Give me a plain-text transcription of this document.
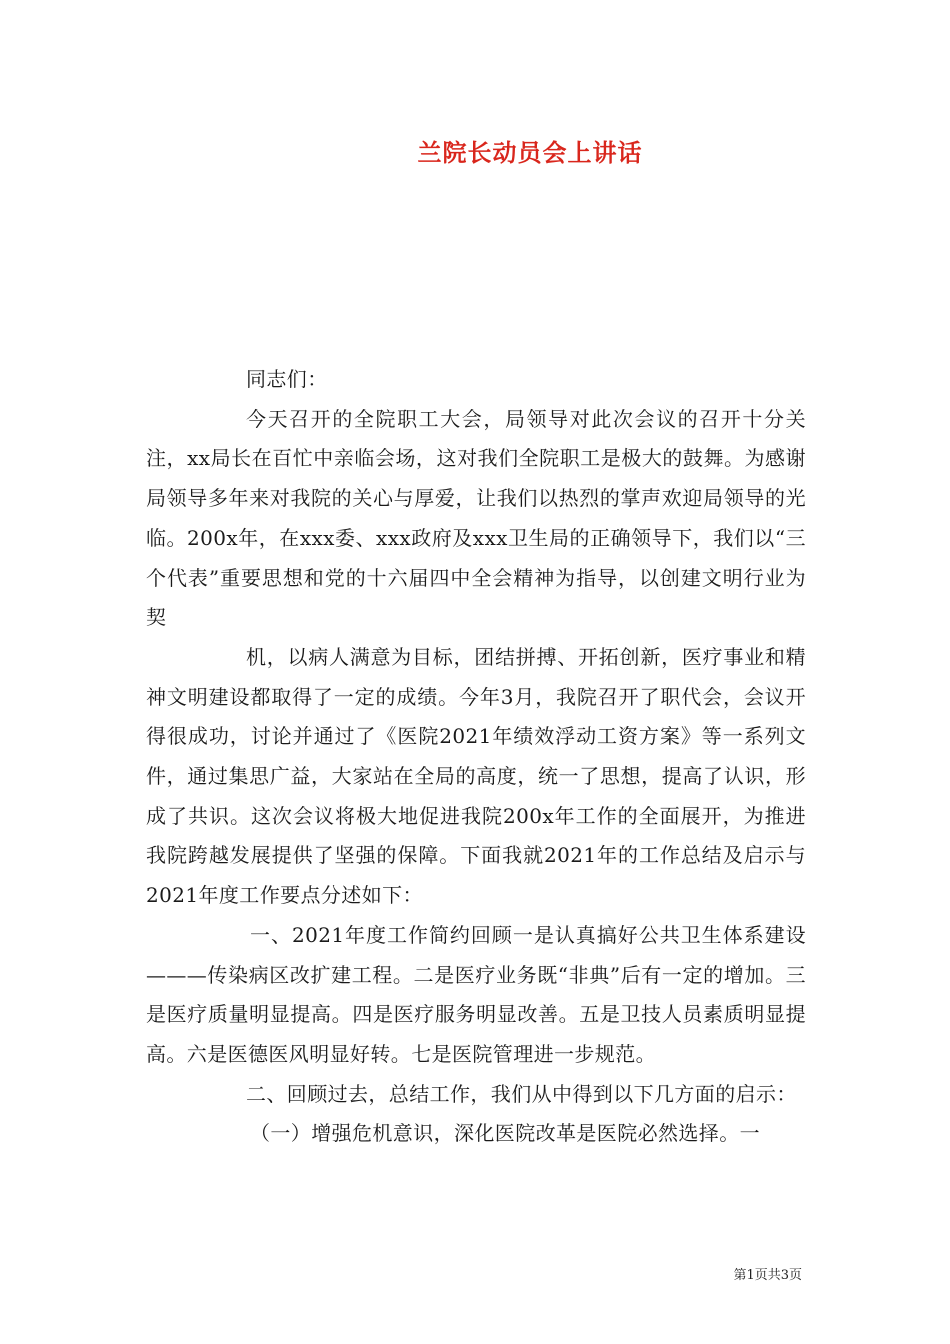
兰院长动员会上讲话

同志们：

今天召开的全院职工大会，局领导对此次会议的召开十分关注，xx局长在百忙中亲临会场，这对我们全院职工是极大的鼓舞。为感谢局领导多年来对我院的关心与厚爱，让我们以热烈的掌声欢迎局领导的光临。200x年，在xxx委、xxx政府及xxx卫生局的正确领导下，我们以“三个代表”重要思想和党的十六届四中全会精神为指导，以创建文明行业为契

机，以病人满意为目标，团结拼搏、开拓创新，医疗事业和精神文明建设都取得了一定的成绩。今年3月，我院召开了职代会，会议开得很成功，讨论并通过了《医院2021年绩效浮动工资方案》等一系列文件，通过集思广益，大家站在全局的高度，统一了思想，提高了认识，形成了共识。这次会议将极大地促进我院200x年工作的全面展开，为推进我院跨越发展提供了坚强的保障。下面我就2021年的工作总结及启示与2021年度工作要点分述如下：

一、2021年度工作简约回顾一是认真搞好公共卫生体系建设———传染病区改扩建工程。二是医疗业务既“非典”后有一定的增加。三是医疗质量明显提高。四是医疗服务明显改善。五是卫技人员素质明显提高。六是医德医风明显好转。七是医院管理进一步规范。

二、回顾过去，总结工作，我们从中得到以下几方面的启示：

（一）增强危机意识，深化医院改革是医院必然选择。一

第1页共3页
